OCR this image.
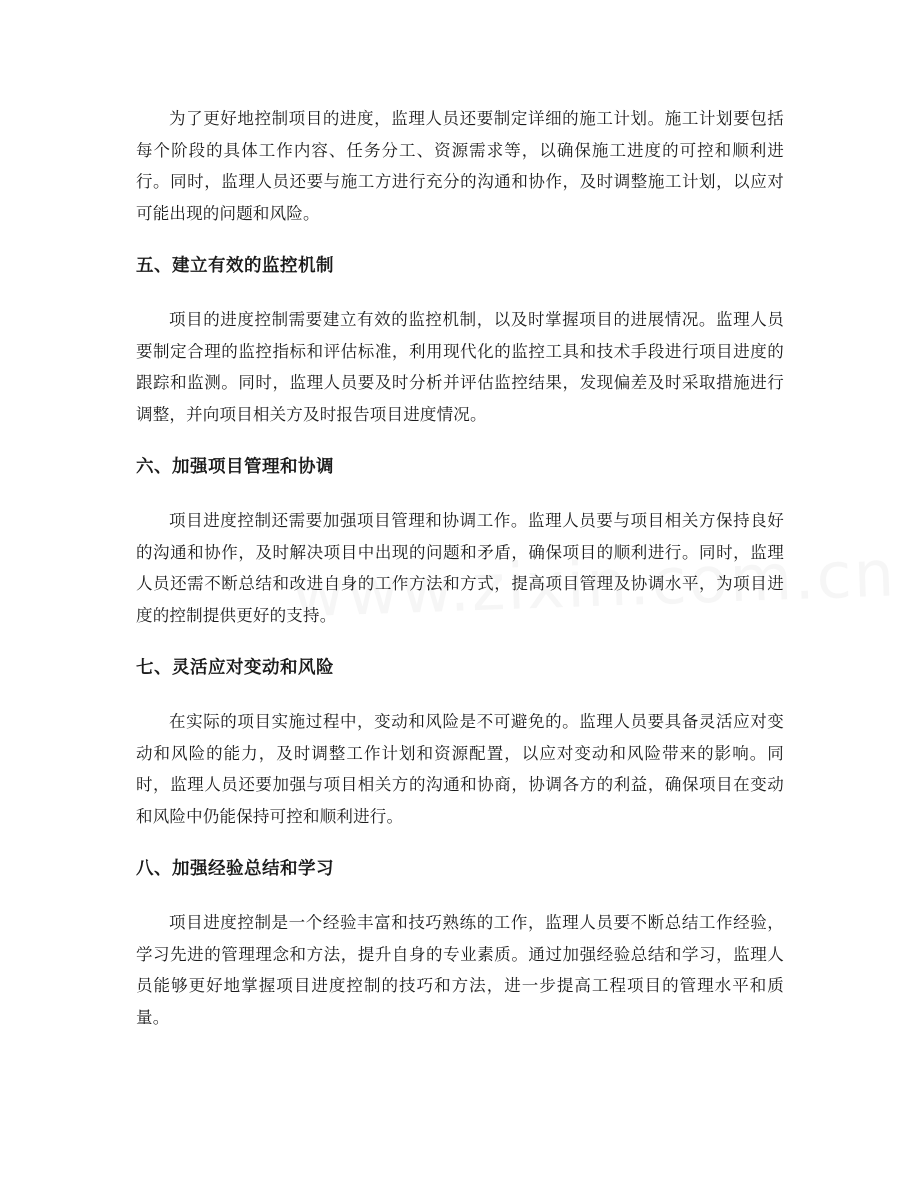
为了更好地控制项目的进度，监理人员还要制定详细的施工计划。施工计划要包括每个阶段的具体工作内容、任务分工、资源需求等，以确保施工进度的可控和顺利进行。同时，监理人员还要与施工方进行充分的沟通和协作，及时调整施工计划，以应对可能出现的问题和风险。

五、建立有效的监控机制

项目的进度控制需要建立有效的监控机制，以及时掌握项目的进展情况。监理人员要制定合理的监控指标和评估标准，利用现代化的监控工具和技术手段进行项目进度的跟踪和监测。同时，监理人员要及时分析并评估监控结果，发现偏差及时采取措施进行调整，并向项目相关方及时报告项目进度情况。

六、加强项目管理和协调

项目进度控制还需要加强项目管理和协调工作。监理人员要与项目相关方保持良好的沟通和协作，及时解决项目中出现的问题和矛盾，确保项目的顺利进行。同时，监理人员还需不断总结和改进自身的工作方法和方式，提高项目管理及协调水平，为项目进度的控制提供更好的支持。

七、灵活应对变动和风险

在实际的项目实施过程中，变动和风险是不可避免的。监理人员要具备灵活应对变动和风险的能力，及时调整工作计划和资源配置，以应对变动和风险带来的影响。同时，监理人员还要加强与项目相关方的沟通和协商，协调各方的利益，确保项目在变动和风险中仍能保持可控和顺利进行。

八、加强经验总结和学习

项目进度控制是一个经验丰富和技巧熟练的工作，监理人员要不断总结工作经验，学习先进的管理理念和方法，提升自身的专业素质。通过加强经验总结和学习，监理人员能够更好地掌握项目进度控制的技巧和方法，进一步提高工程项目的管理水平和质量。
